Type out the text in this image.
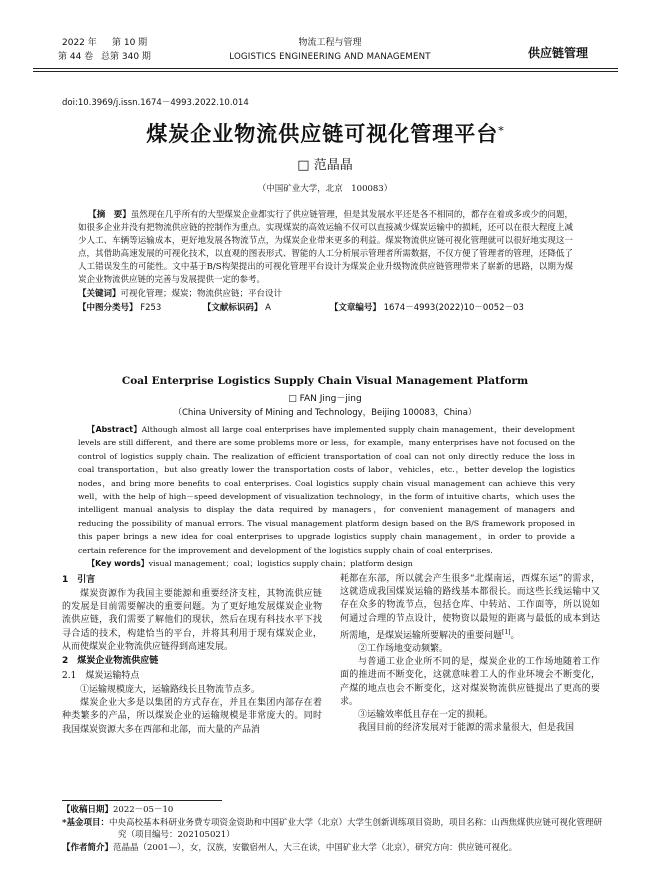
2022 年 第 10 期
第 44 卷 总第 340 期
物流工程与管理
LOGISTICS ENGINEERING AND MANAGEMENT	供应链管理
doi:10.3969/j.issn.1674－4993.2022.10.014
煤炭企业物流供应链可视化管理平台*
□ 范晶晶
（中国矿业大学，北京　100083）

【摘　要】虽然现在几乎所有的大型煤炭企业都实行了供应链管理，但是其发展水平还是各不相同的，都存在着或多或少的问题，如很多企业并没有把物流供应链的控制作为重点。实现煤炭的高效运输不仅可以直接减少煤炭运输中的损耗，还可以在很大程度上减少人工、车辆等运输成本，更好地发展各物流节点，为煤炭企业带来更多的利益。煤炭物流供应链可视化管理就可以很好地实现这一点，其借助高速发展的可视化技术，以直观的图表形式、智能的人工分析展示管理者所需数据，不仅方便了管理者的管理，还降低了人工错误发生的可能性。文中基于B/S构架提出的可视化管理平台设计为煤炭企业升级物流供应链管理带来了崭新的思路，以期为煤炭企业物流供应链的完善与发展提供一定的参考。

【关键词】可视化管理；煤炭；物流供应链；平台设计

【中图分类号】 F253	【文献标识码】 A	【文章编号】 1674－4993(2022)10－0052－03
Coal Enterprise Logistics Supply Chain Visual Management Platform
□ FAN Jing－jing
（China University of Mining and Technology，Beijing 100083，China）

【Abstract】Although almost all large coal enterprises have implemented supply chain management，their development levels are still different，and there are some problems more or less，for example，many enterprises have not focused on the control of logistics supply chain. The realization of efficient transportation of coal can not only directly reduce the loss in coal transportation，but also greatly lower the transportation costs of labor，vehicles，etc.，better develop the logistics nodes，and bring more benefits to coal enterprises. Coal logistics supply chain visual management can achieve this very well，with the help of high－speed development of visualization technology，in the form of intuitive charts，which uses the intelligent manual analysis to display the data required by managers，for convenient management of managers and reducing the possibility of manual errors. The visual management platform design based on the B/S framework proposed in this paper brings a new idea for coal enterprises to upgrade logistics supply chain management，in order to provide a certain reference for the improvement and development of the logistics supply chain of coal enterprises.

【Key words】visual management；coal；logistics supply chain；platform design

1　引言

煤炭资源作为我国主要能源和重要经济支柱，其物流供应链的发展是目前需要解决的重要问题。为了更好地发展煤炭企业物流供应链，我们需要了解他们的现状，然后在现有科技水平下找寻合适的技术，构建恰当的平台，并将其利用于现有煤炭企业，从而使煤炭企业物流供应链得到高速发展。

2　煤炭企业物流供应链
2.1　煤炭运输特点

①运输规模庞大，运输路线长且物流节点多。

煤炭企业大多是以集团的方式存在，并且在集团内部存在着种类繁多的产品，所以煤炭企业的运输规模是非常庞大的。同时我国煤炭资源大多在西部和北部，而大量的产品消

耗都在东部，所以就会产生很多“北煤南运，西煤东运”的需求，这就造成我国煤炭运输的路线基本都很长。而这些长线运输中又存在众多的物流节点，包括仓库、中转站、工作面等，所以说如何通过合理的节点设计，使物资以最短的距离与最低的成本到达所需地，是煤炭运输所要解决的重要问题[1]。

②工作场地变动频繁。

与普通工业企业所不同的是，煤炭企业的工作场地随着工作面的推进而不断变化，这就意味着工人的作业环境会不断变化，产煤的地点也会不断变化，这对煤炭物流供应链提出了更高的要求。

③运输效率低且存在一定的损耗。

我国目前的经济发展对于能源的需求量很大，但是我国

【收稿日期】2022－05－10
*基金项目：中央高校基本科研业务费专项资金资助和中国矿业大学（北京）大学生创新训练项目资助，项目名称：山西焦煤供应链可视化管理研究（项目编号：202105021）
【作者简介】范晶晶（2001—），女，汉族，安徽宿州人，大三在读，中国矿业大学（北京），研究方向：供应链可视化。
